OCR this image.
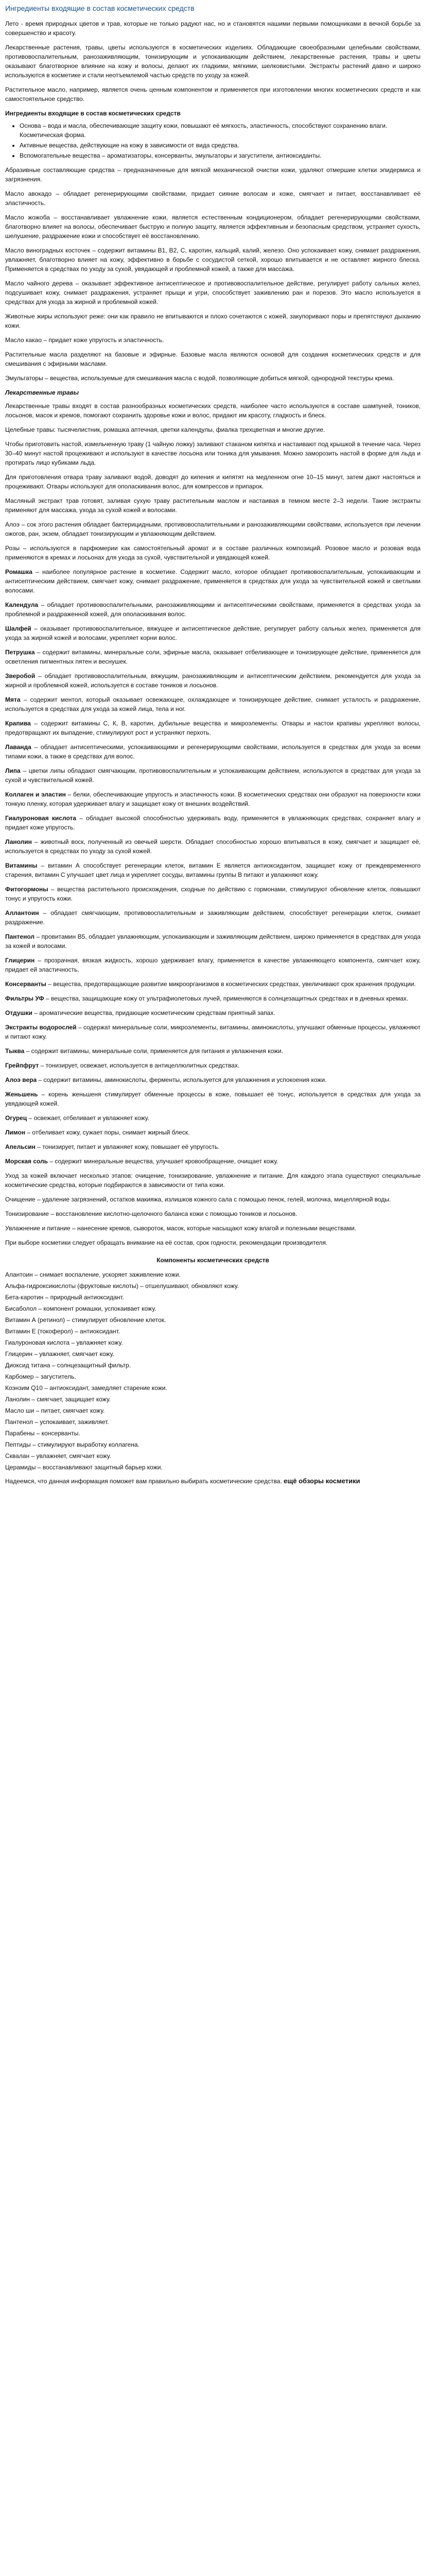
Ингредиенты входящие в состав косметических средств

Лето - время природных цветов и трав, которые не только радуют нас, но и становятся нашими первыми помощниками в вечной борьбе за совершенство и красоту.

Лекарственные растения, травы, цветы используются в косметических изделиях. Обладающие своеобразными целебными свойствами, противовоспалительным, ранозаживляющим, тонизирующим и успокаивающим действием, лекарственные растения, травы и цветы оказывают благотворное влияние на кожу и волосы, делают их гладкими, мягкими, шелковистыми. Экстракты растений давно и широко используются в косметике и стали неотъемлемой частью средств по уходу за кожей.

Растительное масло, например, является очень ценным компонентом и применяется при изготовлении многих косметических средств и как самостоятельное средство.

Ингредиенты входящие в состав косметических средств
• Основа – вода и масла, обеспечивающие защиту кожи, повышают её мягкость, эластичность, способствуют сохранению влаги. Косметическая форма.
• Активные вещества, действующие на кожу в зависимости от вида средства.
• Вспомогательные вещества – ароматизаторы, консерванты, эмульгаторы и загустители, антиоксиданты.

Абразивные составляющие средства – предназначенные для мягкой механической очистки кожи, удаляют отмершие клетки эпидермиса и загрязнения.

Масло авокадо – обладает регенерирующими свойствами, придает сияние волосам и коже, смягчает и питает, восстанавливает её эластичность.

Масло жожоба – восстанавливает увлажнение кожи, является естественным кондиционером, обладает регенерирующими свойствами, благотворно влияет на волосы, обеспечивает быструю и полную защиту, является эффективным и безопасным средством, устраняет сухость, шелушение, раздражение кожи и способствует её восстановлению.

Масло виноградных косточек – содержит витамины В1, В2, С, каротин, кальций, калий, железо. Оно успокаивает кожу, снимает раздражения, увлажняет, благотворно влияет на кожу, эффективно в борьбе с сосудистой сеткой, хорошо впитывается и не оставляет жирного блеска. Применяется в средствах по уходу за сухой, увядающей и проблемной кожей, а также для массажа.

Масло чайного дерева – оказывает эффективное антисептическое и противовоспалительное действие, регулирует работу сальных желез, подсушивает кожу, снимает раздражения, устраняет прыщи и угри, способствует заживлению ран и порезов. Это масло используется в средствах для ухода за жирной и проблемной кожей.

Животные жиры используют реже: они как правило не впитываются и плохо сочетаются с кожей, закупоривают поры и препятствуют дыханию кожи.

Масло какао – придает коже упругость и эластичность.

Растительные масла разделяют на базовые и эфирные. Базовые масла являются основой для создания косметических средств и для смешивания с эфирными маслами.

Эмульгаторы – вещества, используемые для смешивания масла с водой, позволяющие добиться мягкой, однородной текстуры крема.

Лекарственные травы

Лекарственные травы входят в состав разнообразных косметических средств, наиболее часто используются в составе шампуней, тоников, лосьонов, масок и кремов, помогают сохранить здоровье кожи и волос, придают им красоту, гладкость и блеск.

Целебные травы: тысячелистник, ромашка аптечная, цветки календулы, фиалка трехцветная и многие другие.

Чтобы приготовить настой, измельченную траву (1 чайную ложку) заливают стаканом кипятка и настаивают под крышкой в течение часа. Через 30–40 минут настой процеживают и используют в качестве лосьона или тоника для умывания. Можно заморозить настой в форме для льда и протирать лицо кубиками льда.

Для приготовления отвара траву заливают водой, доводят до кипения и кипятят на медленном огне 10–15 минут, затем дают настояться и процеживают. Отвары используют для ополаскивания волос, для компрессов и припарок.

Масляный экстракт трав готовят, заливая сухую траву растительным маслом и настаивая в темном месте 2–3 недели. Такие экстракты применяют для массажа, ухода за сухой кожей и волосами.

Алоэ – сок этого растения обладает бактерицидными, противовоспалительными и ранозаживляющими свойствами, используется при лечении ожогов, ран, экзем, обладает тонизирующим и увлажняющим действием.

Розы – используются в парфюмерии как самостоятельный аромат и в составе различных композиций. Розовое масло и розовая вода применяются в кремах и лосьонах для ухода за сухой, чувствительной и увядающей кожей.

Ромашка – наиболее популярное растение в косметике. Содержит масло, которое обладает противовоспалительным, успокаивающим и антисептическим действием, смягчает кожу, снимает раздражение, применяется в средствах для ухода за чувствительной кожей и светлыми волосами.

Календула – обладает противовоспалительными, ранозаживляющими и антисептическими свойствами, применяется в средствах ухода за проблемной и раздраженной кожей, для ополаскивания волос.

Шалфей – оказывает противовоспалительное, вяжущее и антисептическое действие, регулирует работу сальных желез, применяется для ухода за жирной кожей и волосами, укрепляет корни волос.

Петрушка – содержит витамины, минеральные соли, эфирные масла, оказывает отбеливающее и тонизирующее действие, применяется для осветления пигментных пятен и веснушек.

Зверобой – обладает противовоспалительным, вяжущим, ранозаживляющим и антисептическим действием, рекомендуется для ухода за жирной и проблемной кожей, используется в составе тоников и лосьонов.

Мята – содержит ментол, который оказывает освежающее, охлаждающее и тонизирующее действие, снимает усталость и раздражение, используется в средствах для ухода за кожей лица, тела и ног.

Крапива – содержит витамины С, К, В, каротин, дубильные вещества и микроэлементы. Отвары и настои крапивы укрепляют волосы, предотвращают их выпадение, стимулируют рост и устраняют перхоть.

Лаванда – обладает антисептическими, успокаивающими и регенерирующими свойствами, используется в средствах для ухода за всеми типами кожи, а также в средствах для волос.

Липа – цветки липы обладают смягчающим, противовоспалительным и успокаивающим действием, используются в средствах для ухода за сухой и чувствительной кожей.

Коллаген и эластин – белки, обеспечивающие упругость и эластичность кожи. В косметических средствах они образуют на поверхности кожи тонкую пленку, которая удерживает влагу и защищает кожу от внешних воздействий.

Гиалуроновая кислота – обладает высокой способностью удерживать воду, применяется в увлажняющих средствах, сохраняет влагу и придает коже упругость.

Ланолин – животный воск, полученный из овечьей шерсти. Обладает способностью хорошо впитываться в кожу, смягчает и защищает её, используется в средствах по уходу за сухой кожей.

Витамины – витамин А способствует регенерации клеток, витамин Е является антиоксидантом, защищает кожу от преждевременного старения, витамин С улучшает цвет лица и укрепляет сосуды, витамины группы В питают и увлажняют кожу.

Фитогормоны – вещества растительного происхождения, сходные по действию с гормонами, стимулируют обновление клеток, повышают тонус и упругость кожи.

Аллантоин – обладает смягчающим, противовоспалительным и заживляющим действием, способствует регенерации клеток, снимает раздражение.

Пантенол – провитамин В5, обладает увлажняющим, успокаивающим и заживляющим действием, широко применяется в средствах для ухода за кожей и волосами.

Глицерин – прозрачная, вязкая жидкость, хорошо удерживает влагу, применяется в качестве увлажняющего компонента, смягчает кожу, придает ей эластичность.

Консерванты – вещества, предотвращающие развитие микроорганизмов в косметических средствах, увеличивают срок хранения продукции.

Фильтры УФ – вещества, защищающие кожу от ультрафиолетовых лучей, применяются в солнцезащитных средствах и в дневных кремах.

Отдушки – ароматические вещества, придающие косметическим средствам приятный запах.

Экстракты водорослей – содержат минеральные соли, микроэлементы, витамины, аминокислоты, улучшают обменные процессы, увлажняют и питают кожу.

Тыква – содержит витамины, минеральные соли, применяется для питания и увлажнения кожи.

Грейпфрут – тонизирует, освежает, используется в антицеллюлитных средствах.

Алоэ вера – содержит витамины, аминокислоты, ферменты, используется для увлажнения и успокоения кожи.

Женьшень – корень женьшеня стимулирует обменные процессы в коже, повышает её тонус, используется в средствах для ухода за увядающей кожей.

Огурец – освежает, отбеливает и увлажняет кожу.

Лимон – отбеливает кожу, сужает поры, снимает жирный блеск.

Апельсин – тонизирует, питает и увлажняет кожу, повышает её упругость.

Морская соль – содержит минеральные вещества, улучшает кровообращение, очищает кожу.

Уход за кожей включает несколько этапов: очищение, тонизирование, увлажнение и питание. Для каждого этапа существуют специальные косметические средства, которые подбираются в зависимости от типа кожи.

Очищение – удаление загрязнений, остатков макияжа, излишков кожного сала с помощью пенок, гелей, молочка, мицеллярной воды.

Тонизирование – восстановление кислотно-щелочного баланса кожи с помощью тоников и лосьонов.

Увлажнение и питание – нанесение кремов, сывороток, масок, которые насыщают кожу влагой и полезными веществами.

При выборе косметики следует обращать внимание на её состав, срок годности, рекомендации производителя.

Компоненты косметических средств
Алантоин – снимает воспаление, ускоряет заживление кожи.
Альфа-гидроксикислоты (фруктовые кислоты) – отшелушивают, обновляют кожу.
Бета-каротин – природный антиоксидант.
Бисаболол – компонент ромашки, успокаивает кожу.
Витамин А (ретинол) – стимулирует обновление клеток.
Витамин Е (токоферол) – антиоксидант.
Гиалуроновая кислота – увлажняет кожу.
Глицерин – увлажняет, смягчает кожу.
Диоксид титана – солнцезащитный фильтр.
Карбомер – загуститель.
Коэнзим Q10 – антиоксидант, замедляет старение кожи.
Ланолин – смягчает, защищает кожу.
Масло ши – питает, смягчает кожу.
Пантенол – успокаивает, заживляет.
Парабены – консерванты.
Пептиды – стимулируют выработку коллагена.
Сквалан – увлажняет, смягчает кожу.
Церамиды – восстанавливают защитный барьер кожи.
Надеемся, что данная информация поможет вам правильно выбирать косметические средства. ещё обзоры косметики
